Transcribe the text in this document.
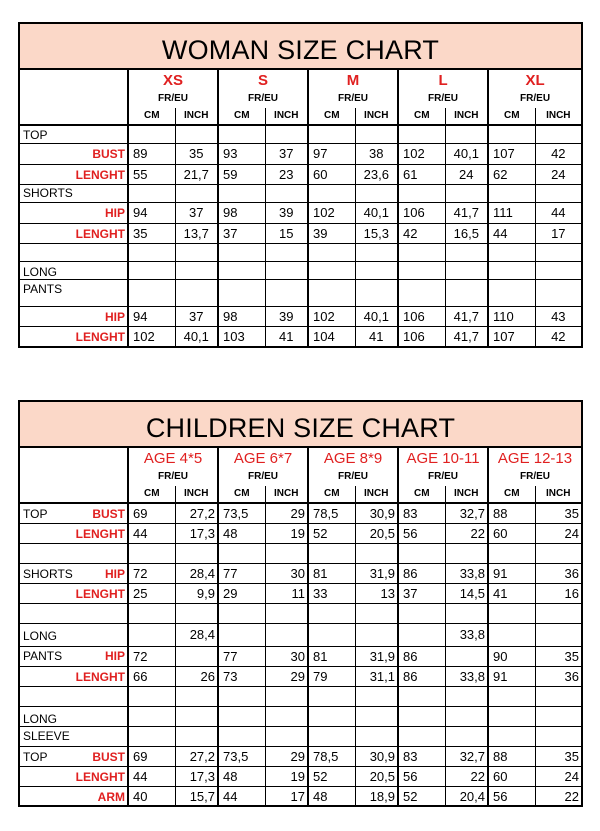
WOMAN SIZE CHART
	XS		S		M		L		XL	
	FR/EU		FR/EU		FR/EU		FR/EU		FR/EU	
	CM	INCH	CM	INCH	CM	INCH	CM	INCH	CM	INCH

TOP										

BUST	89	35	93	37	97	38	102	40,1	107	42

LENGHT	55	21,7	59	23	60	23,6	61	24	62	24

SHORTS										

HIP	94	37	98	39	102	40,1	106	41,7	111	44

LENGHT	35	13,7	37	15	39	15,3	42	16,5	44	17

LONG										

PANTS										

HIP	94	37	98	39	102	40,1	106	41,7	110	43

LENGHT	102	40,1	103	41	104	41	106	41,7	107	42
CHILDREN SIZE CHART
	AGE 4*5		AGE 6*7		AGE 8*9		AGE 10-11		AGE 12-13	
	FR/EU		FR/EU		FR/EU		FR/EU		FR/EU	
	CM	INCH	CM	INCH	CM	INCH	CM	INCH	CM	INCH

TOP BUST	69	27,2	73,5	29	78,5	30,9	83	32,7	88	35

LENGHT	44	17,3	48	19	52	20,5	56	22	60	24

SHORTS HIP	72	28,4	77	30	81	31,9	86	33,8	91	36

LENGHT	25	9,9	29	11	33	13	37	14,5	41	16

LONG		28,4						33,8		

PANTS HIP	72		77	30	81	31,9	86		90	35

LENGHT	66	26	73	29	79	31,1	86	33,8	91	36

LONG										

SLEEVE										

TOP BUST	69	27,2	73,5	29	78,5	30,9	83	32,7	88	35

LENGHT	44	17,3	48	19	52	20,5	56	22	60	24

ARM	40	15,7	44	17	48	18,9	52	20,4	56	22
